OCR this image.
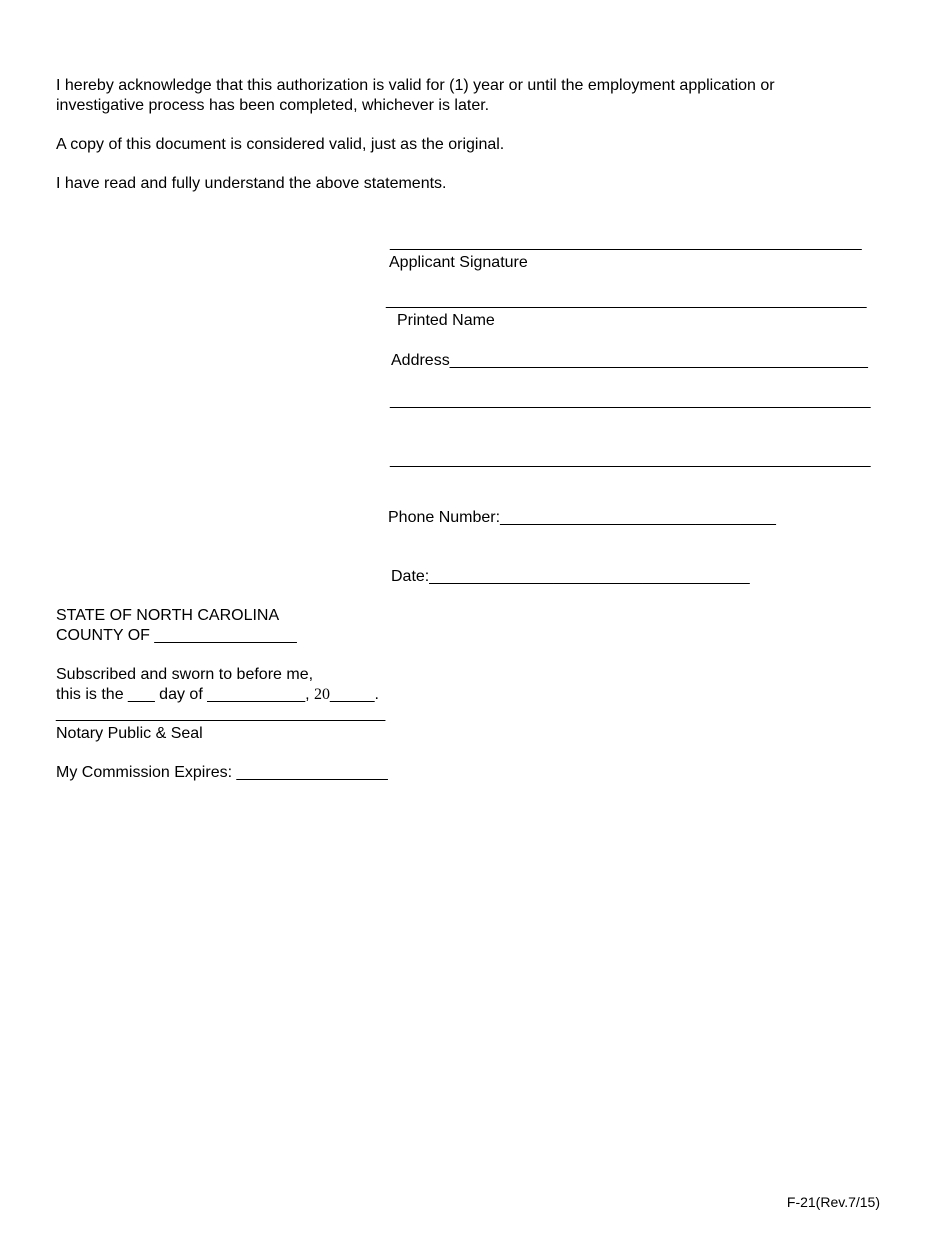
I hereby acknowledge that this authorization is valid for (1) year or until the employment application or investigative process has been completed, whichever is later.
A copy of this document is considered valid, just as the original.
I have read and fully understand the above statements.
_____________________________________________________
Applicant Signature
______________________________________________________
Printed Name
Address_______________________________________________
______________________________________________________
______________________________________________________
Phone Number:_______________________________
Date:____________________________________
STATE OF NORTH CAROLINA
COUNTY OF ________________
Subscribed and sworn to before me,
this is the ___ day of ___________, 20_____.
_____________________________________
Notary Public & Seal
My Commission Expires: _________________
F-21(Rev.7/15)
